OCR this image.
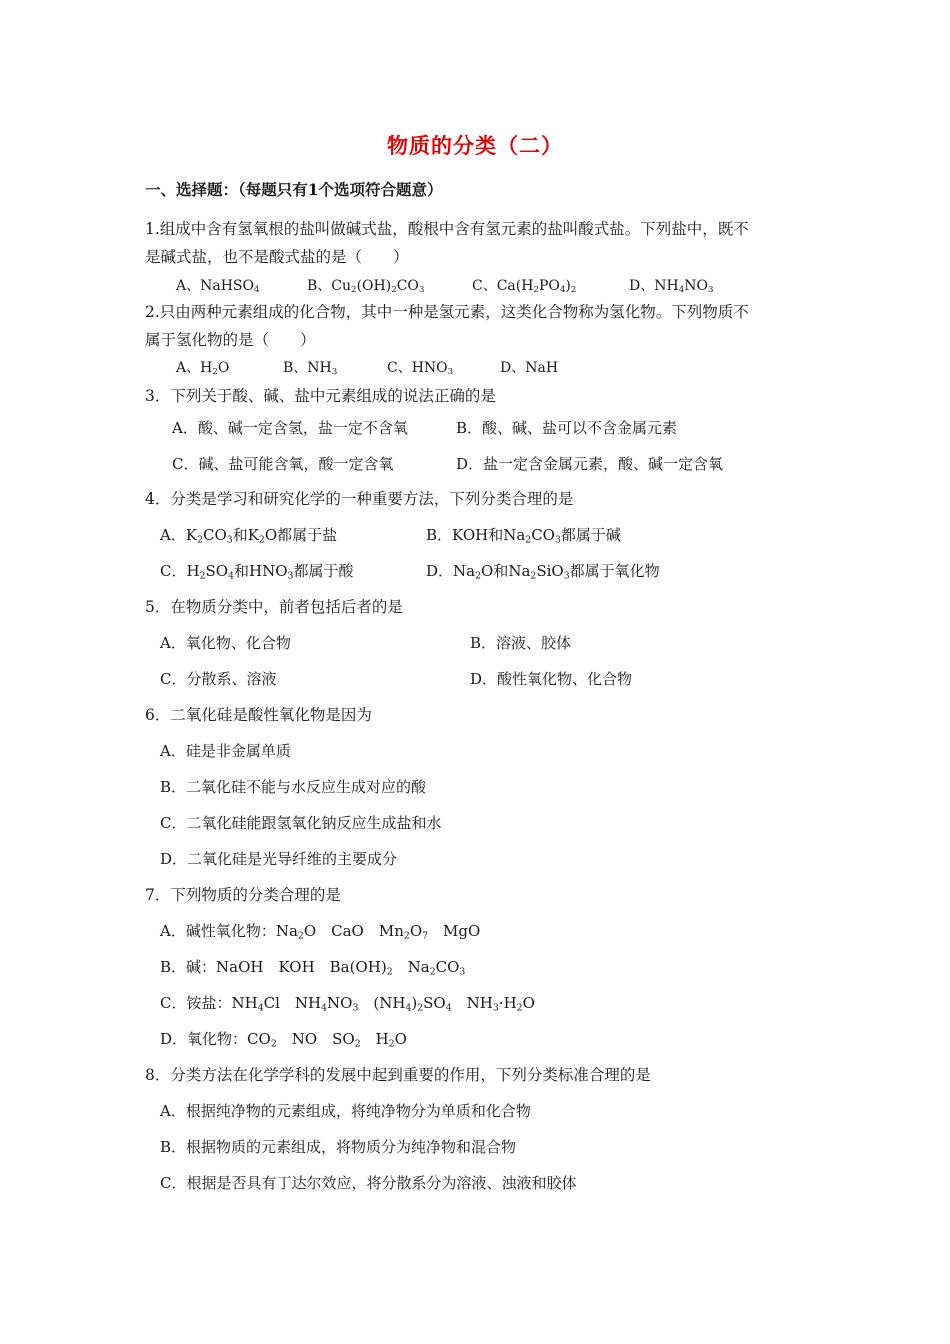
物质的分类（二）
一、选择题：（每题只有1个选项符合题意）
1.组成中含有氢氧根的盐叫做碱式盐，酸根中含有氢元素的盐叫酸式盐。下列盐中，既不
是碱式盐，也不是酸式盐的是（　　）
A、NaHSO$_4$	B、$Cu_2(OH)_2CO_3$	C、$Ca(H_2PO_4)_2$	D、$NH_4NO_3$
2.只由两种元素组成的化合物，其中一种是氢元素，这类化合物称为氢化物。下列物质不
属于氢化物的是（　　）
A、$H_2O$	B、$NH_3$	C、$HNO_3$	D、NaH
3．下列关于酸、碱、盐中元素组成的说法正确的是
A．酸、碱一定含氢，盐一定不含氧	B．酸、碱、盐可以不含金属元素
C．碱、盐可能含氧，酸一定含氧	D．盐一定含金属元素，酸、碱一定含氧
4．分类是学习和研究化学的一种重要方法，下列分类合理的是
A．$K_2CO_3$和$K_2O$都属于盐	B．KOH和$Na_2CO_3$都属于碱
C．$H_2SO_4$和$HNO_3$都属于酸	D．$Na_2O$和$Na_2SiO_3$都属于氧化物
5．在物质分类中，前者包括后者的是
A．氧化物、化合物	B．溶液、胶体
C．分散系、溶液	D．酸性氧化物、化合物
6．二氧化硅是酸性氧化物是因为
A．硅是非金属单质
B．二氧化硅不能与水反应生成对应的酸
C．二氧化硅能跟氢氧化钠反应生成盐和水
D．二氧化硅是光导纤维的主要成分
7．下列物质的分类合理的是
A．碱性氧化物：$Na_2O$　CaO　$Mn_2O_7$　MgO
B．碱：NaOH　KOH　$Ba(OH)_2$　$Na_2CO_3$
C．铵盐：$NH_4Cl$　$NH_4NO_3$　$(NH_4)_2SO_4$　$NH_3\cdot H_2O$
D．氧化物：$CO_2$　NO　$SO_2$　$H_2O$
8．分类方法在化学学科的发展中起到重要的作用，下列分类标准合理的是
A．根据纯净物的元素组成，将纯净物分为单质和化合物
B．根据物质的元素组成，将物质分为纯净物和混合物
C．根据是否具有丁达尔效应，将分散系分为溶液、浊液和胶体
